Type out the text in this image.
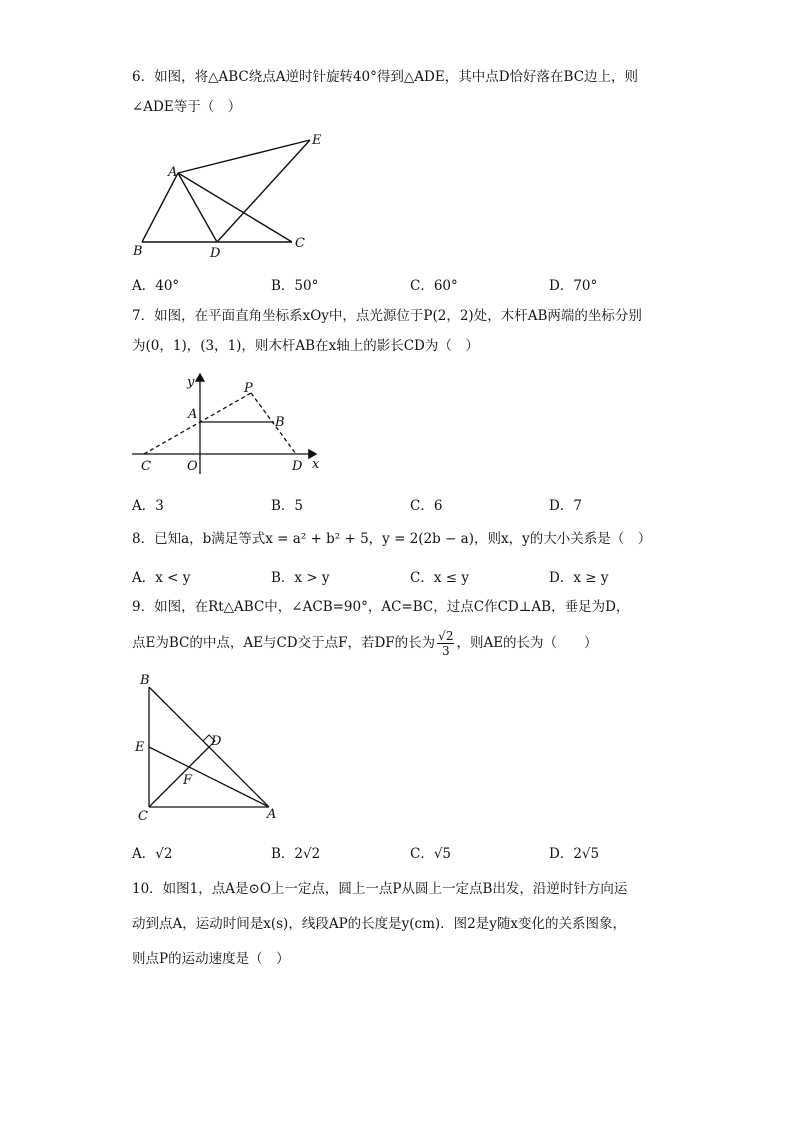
6．如图，将△ABC绕点A逆时针旋转40°得到△ADE，其中点D恰好落在BC边上，则
∠ADE等于（　）
A
B
C
D
E
A．40°	B．50°	C．60°	D．70°
7．如图，在平面直角坐标系xOy中，点光源位于P(2，2)处，木杆AB两端的坐标分别
为(0，1)，(3，1)，则木杆AB在x轴上的影长CD为（　）
y
x
P
A
B
C	O	D
A．3	B．5	C．6	D．7
8．已知a，b满足等式x = a² + b² + 5，y = 2(2b − a)，则x，y的大小关系是（　）
A．x < y	B．x > y	C．x ≤ y	D．x ≥ y
9．如图，在Rt△ABC中，∠ACB=90°，AC=BC，过点C作CD⊥AB，垂足为D，
点E为BC的中点，AE与CD交于点F，若DF的长为 $\frac{√2}{3}$ ，则AE的长为（　　）
B
D
E
F
C	A
A．√2	B．2√2	C．√5	D．2√5
10．如图1，点A是⊙O上一定点，圆上一点P从圆上一定点B出发，沿逆时针方向运
动到点A，运动时间是x(s)，线段AP的长度是y(cm)．图2是y随x变化的关系图象，
则点P的运动速度是（　）
